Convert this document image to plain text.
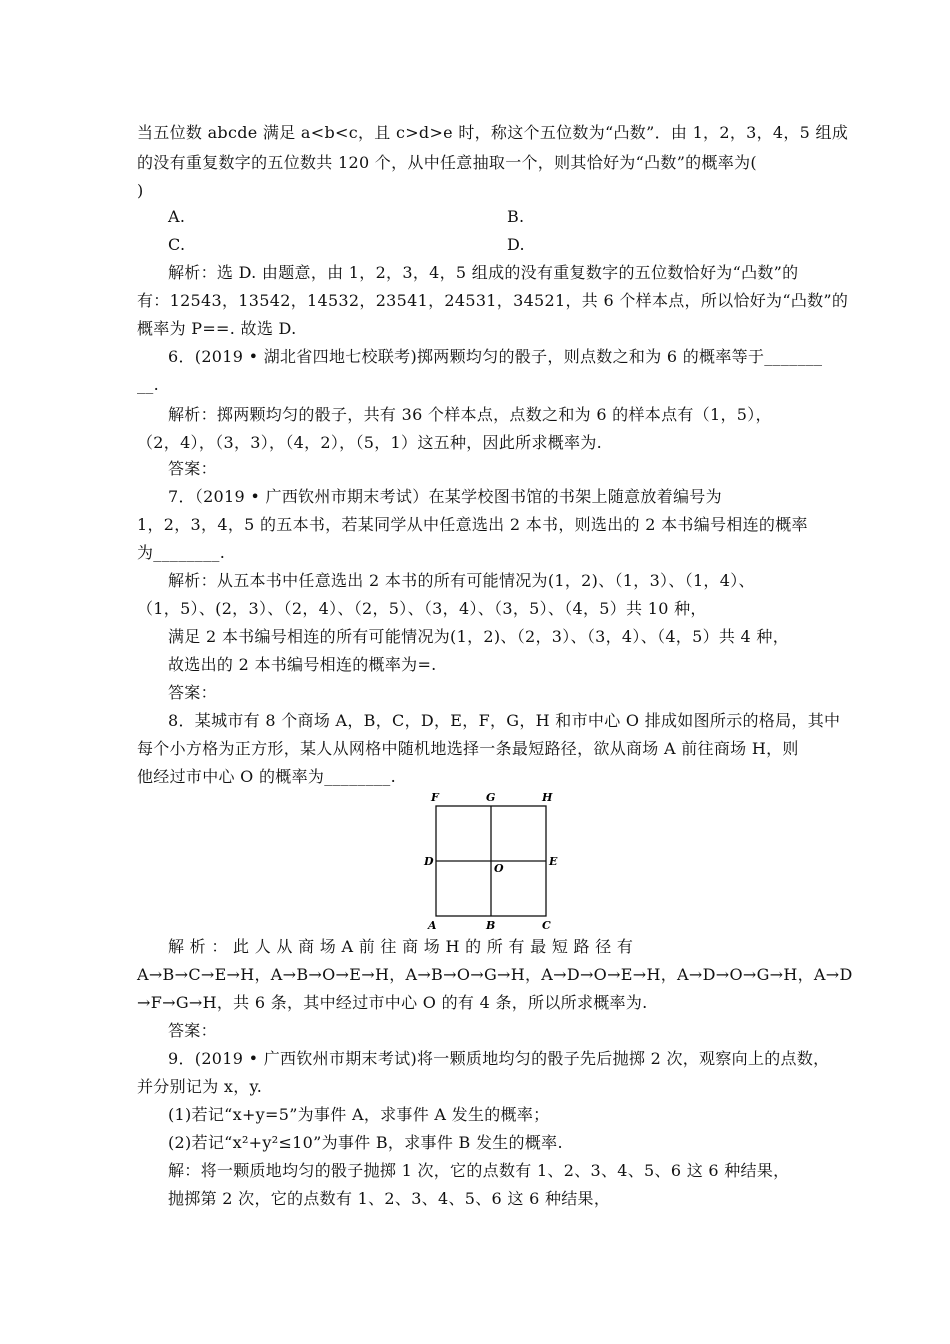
当五位数 abcde 满足 a<b<c，且 c>d>e 时，称这个五位数为“凸数”．由 1，2，3，4，5 组成
的没有重复数字的五位数共 120 个，从中任意抽取一个，则其恰好为“凸数”的概率为(
)
A.	B.
C.	D.
解析：选 D. 由题意，由 1，2，3，4，5 组成的没有重复数字的五位数恰好为“凸数”的
有：12543，13542，14532，23541，24531，34521，共 6 个样本点，所以恰好为“凸数”的
概率为 P==. 故选 D.
6．(2019 • 湖北省四地七校联考)掷两颗均匀的骰子，则点数之和为 6 的概率等于_______
__.
解析：掷两颗均匀的骰子，共有 36 个样本点，点数之和为 6 的样本点有（1，5），
（2，4），（3，3），（4，2），（5，1）这五种，因此所求概率为.
答案：
7．（2019 • 广西钦州市期末考试）在某学校图书馆的书架上随意放着编号为
1，2，3，4，5 的五本书，若某同学从中任意选出 2 本书，则选出的 2 本书编号相连的概率
为________.
解析：从五本书中任意选出 2 本书的所有可能情况为(1，2)、（1，3）、（1，4）、
（1，5）、(2，3）、（2，4）、（2，5）、（3，4）、（3，5）、（4，5）共 10 种，
满足 2 本书编号相连的所有可能情况为(1，2)、（2，3）、（3，4）、（4，5）共 4 种，
故选出的 2 本书编号相连的概率为=.
答案：
8．某城市有 8 个商场 A，B，C，D，E，F，G，H 和市中心 O 排成如图所示的格局，其中
每个小方格为正方形，某人从网格中随机地选择一条最短路径，欲从商场 A 前往商场 H，则
他经过市中心 O 的概率为________.
F	G	H
D
O
E
A	B	C
解 析 ： 此 人 从 商 场 A 前 往 商 场 H 的 所 有 最 短 路 径 有
A→B→C→E→H，A→B→O→E→H，A→B→O→G→H，A→D→O→E→H，A→D→O→G→H，A→D
→F→G→H，共 6 条，其中经过市中心 O 的有 4 条，所以所求概率为.
答案：
9．(2019 • 广西钦州市期末考试)将一颗质地均匀的骰子先后抛掷 2 次，观察向上的点数，
并分别记为 x，y.
(1)若记“x+y=5”为事件 A，求事件 A 发生的概率；
(2)若记“x²+y²≤10”为事件 B，求事件 B 发生的概率.
解：将一颗质地均匀的骰子抛掷 1 次，它的点数有 1、2、3、4、5、6 这 6 种结果，
抛掷第 2 次，它的点数有 1、2、3、4、5、6 这 6 种结果，
